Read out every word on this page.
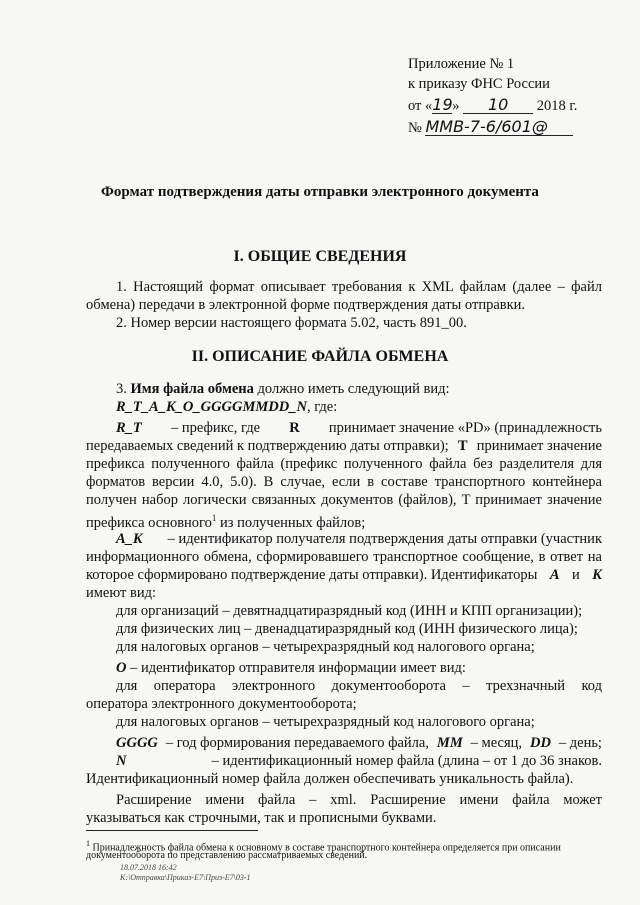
Приложение № 1
к приказу ФНС России
от «19» 10 2018 г.
№ ММВ-7-6/601@
Формат подтверждения даты отправки электронного документа
I. ОБЩИЕ СВЕДЕНИЯ
1. Настоящий формат описывает требования к XML файлам (далее – файл
обмена) передачи в электронной форме подтверждения даты отправки.
2. Номер версии настоящего формата 5.02, часть 891_00.
II. ОПИСАНИЕ ФАЙЛА ОБМЕНА
3. Имя файла обмена должно иметь следующий вид:
R_T_A_K_O_GGGGMMDD_N, где:
R_T – префикс, где R принимает значение «PD» (принадлежность
передаваемых сведений к подтверждению даты отправки); T принимает значение
префикса полученного файла (префикс полученного файла без разделителя для
форматов версии 4.0, 5.0). В случае, если в составе транспортного контейнера
получен набор логически связанных документов (файлов), T принимает значение
префикса основного$^1$ из полученных файлов;
A_K – идентификатор получателя подтверждения даты отправки (участник
информационного обмена, сформировавшего транспортное сообщение, в ответ на
которое сформировано подтверждение даты отправки). Идентификаторы A и K
имеют вид:
для организаций – девятнадцатиразрядный код (ИНН и КПП организации);
для физических лиц – двенадцатиразрядный код (ИНН физического лица);
для налоговых органов – четырехразрядный код налогового органа;
O – идентификатор отправителя информации имеет вид:
для оператора электронного документооборота – трехзначный код
оператора электронного документооборота;
для налоговых органов – четырехразрядный код налогового органа;
GGGG – год формирования передаваемого файла, MM – месяц, DD – день;
N	– идентификационный номер файла (длина – от 1 до 36 знаков.
Идентификационный номер файла должен обеспечивать уникальность файла).
Расширение имени файла – xml. Расширение имени файла может
указываться как строчными, так и прописными буквами.
$^1$ Принадлежность файла обмена к основному в составе транспортного контейнера определяется при описании
документооборота по представлению рассматриваемых сведений.
18.07.2018 16:42
К:\Отправка\Приказ-Е7\Приз-Е7\03-1
